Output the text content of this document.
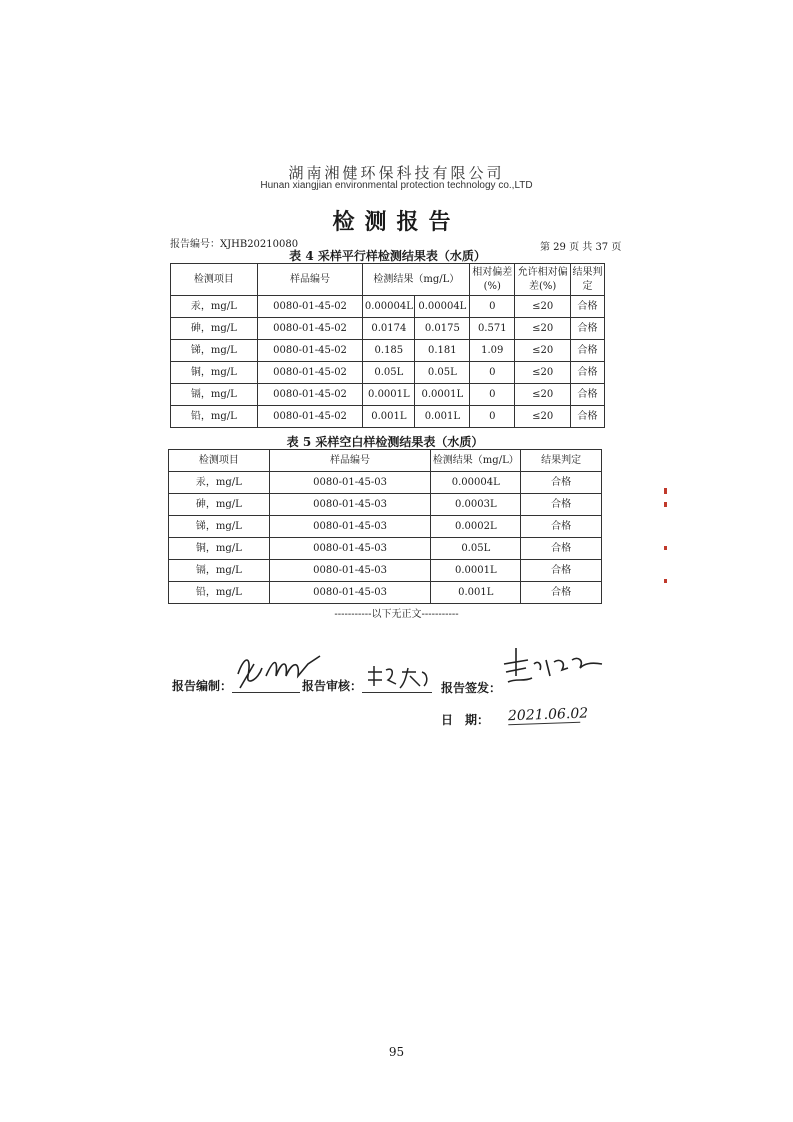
湖南湘健环保科技有限公司
Hunan xiangjian environmental protection technology co.,LTD
检测报告
报告编号：XJHB20210080	第 29 页 共 37 页
表 4 采样平行样检测结果表（水质）
检测项目	样品编号	检测结果（mg/L）		相对偏差(%)	允许相对偏差(%)	结果判定
汞，mg/L	0080-01-45-02	0.00004L	0.00004L	0	≤20	合格
砷，mg/L	0080-01-45-02	0.0174	0.0175	0.571	≤20	合格
锑，mg/L	0080-01-45-02	0.185	0.181	1.09	≤20	合格
铜，mg/L	0080-01-45-02	0.05L	0.05L	0	≤20	合格
镉，mg/L	0080-01-45-02	0.0001L	0.0001L	0	≤20	合格
铅，mg/L	0080-01-45-02	0.001L	0.001L	0	≤20	合格
表 5 采样空白样检测结果表（水质）
检测项目	样品编号	检测结果（mg/L）	结果判定
汞，mg/L	0080-01-45-03	0.00004L	合格
砷，mg/L	0080-01-45-03	0.0003L	合格
锑，mg/L	0080-01-45-03	0.0002L	合格
铜，mg/L	0080-01-45-03	0.05L	合格
镉，mg/L	0080-01-45-03	0.0001L	合格
铅，mg/L	0080-01-45-03	0.001L	合格
-----------以下无正文-----------
报告编制：	报告审核：	报告签发：
日　期： 2021.06.02
95
